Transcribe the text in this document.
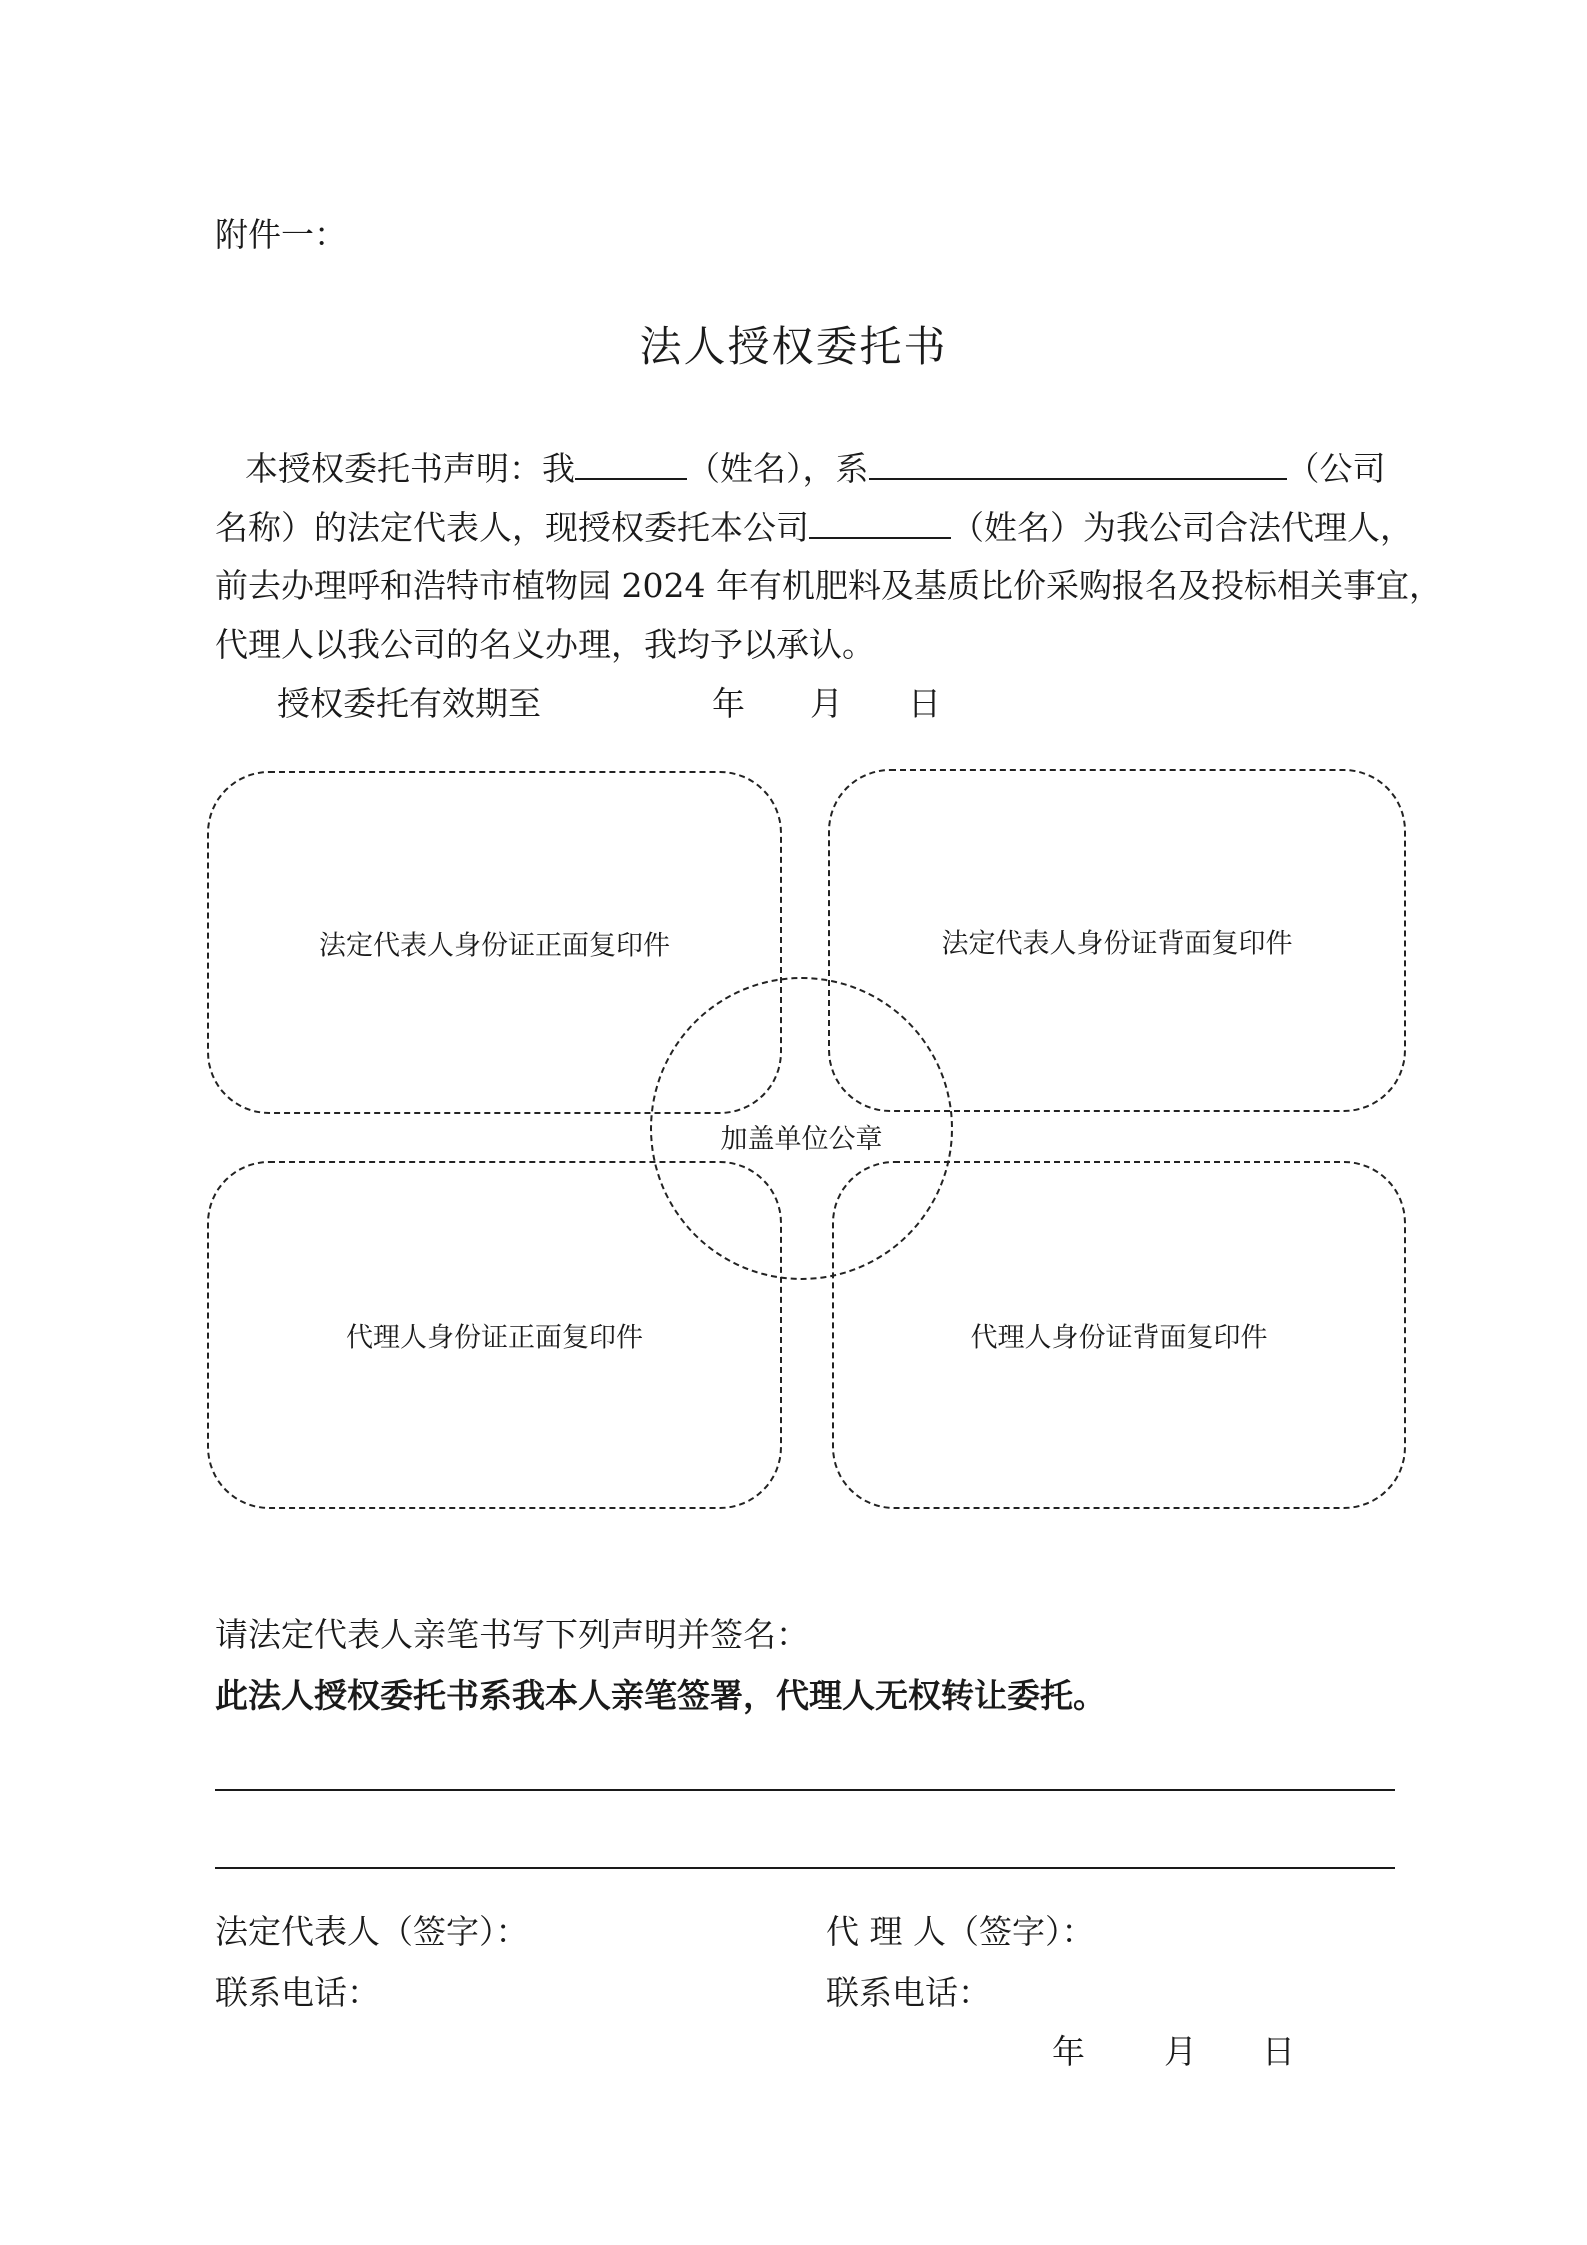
附件一：
法人授权委托书
本授权委托书声明：我	（姓名），系	（公司
名称）的法定代表人，现授权委托本公司	（姓名）为我公司合法代理人，
前去办理呼和浩特市植物园 2024 年有机肥料及基质比价采购报名及投标相关事宜，
代理人以我公司的名义办理，我均予以承认。
授权委托有效期至	年 月 日
法定代表人身份证正面复印件	法定代表人身份证背面复印件
代理人身份证正面复印件	代理人身份证背面复印件
加盖单位公章
请法定代表人亲笔书写下列声明并签名：
此法人授权委托书系我本人亲笔签署，代理人无权转让委托。
法定代表人（签字）：	代 理 人（签字）：
联系电话：	联系电话：
年 月 日
